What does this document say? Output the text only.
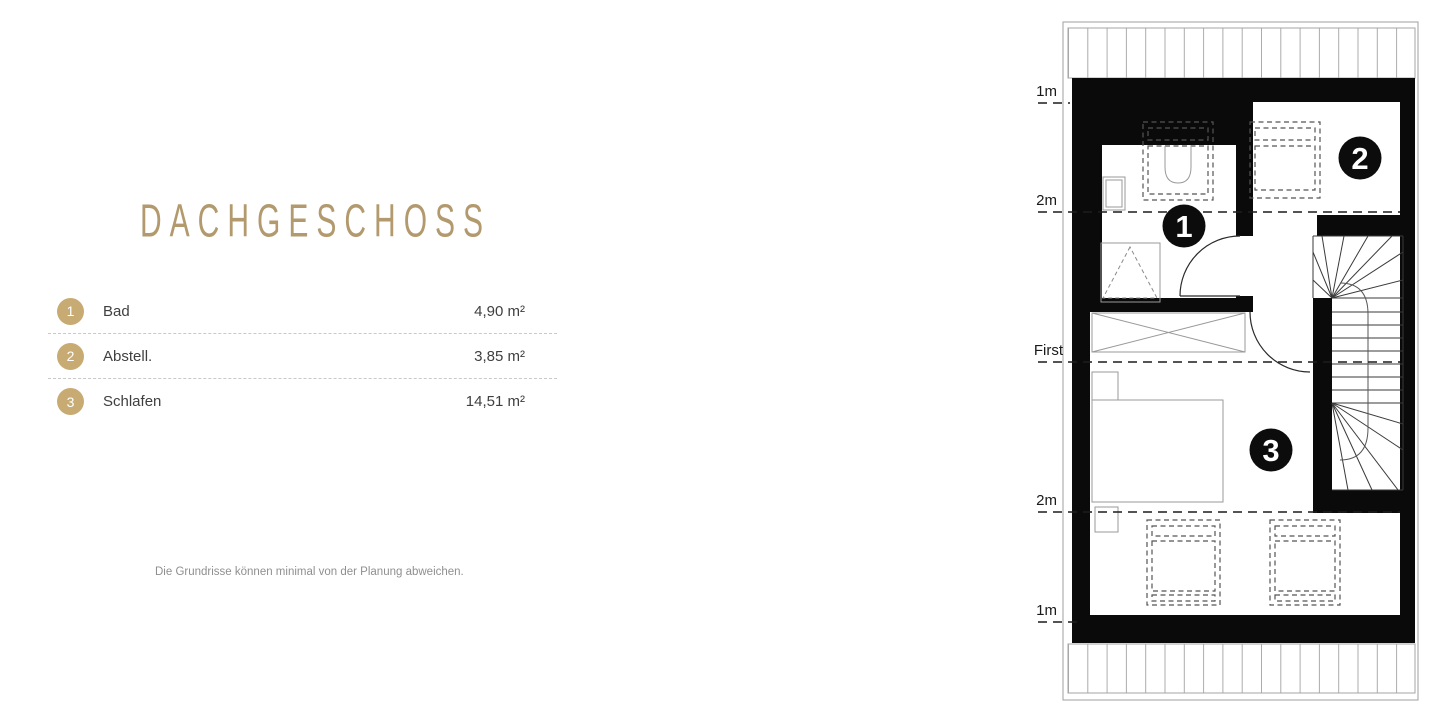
DACHGESCHOSS
1 Bad	4,90 m²
2 Abstell.	3,85 m²
3 Schlafen	14,51 m²
Die Grundrisse können minimal von der Planung abweichen.
1m
2m
First
2m
1m
1
2
3
